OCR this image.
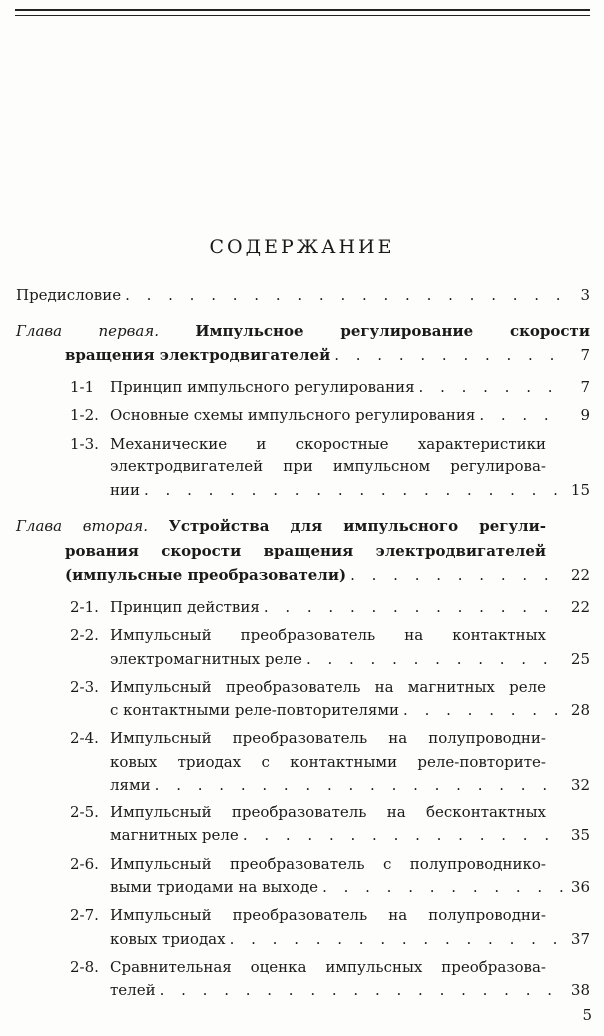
СОДЕРЖАНИЕ
Предисловие . . .	3
Глава первая. Импульсное регулирование скорости
вращения электродвигателей . . .	7
1-1	Принцип импульсного регулирования . . .	7
1-2. Основные схемы импульсного регулирования . . .	9
1-3. Механические и скоростные характеристики
электродвигателей при импульсном регулирова-
нии . . .	15
Глава вторая. Устройства для импульсного регули-
рования скорости вращения электродвигателей
(импульсные преобразователи) . . .	22
2-1. Принцип действия . . .	22
2-2. Импульсный преобразователь на контактных
электромагнитных реле . . .	25
2-3. Импульсный преобразователь на магнитных реле
с контактными реле-повторителями . . .	28
2-4. Импульсный преобразователь на полупроводни-
ковых триодах с контактными реле-повторите-
лями . . .	32
2-5. Импульсный преобразователь на бесконтактных
магнитных реле . . .	35
2-6. Импульсный преобразователь с полупроводнико-
выми триодами на выходе . . .	36
2-7. Импульсный преобразователь на полупроводни-
ковых триодах . . .	37
2-8. Сравнительная оценка импульсных преобразова-
телей . . .	38
5
